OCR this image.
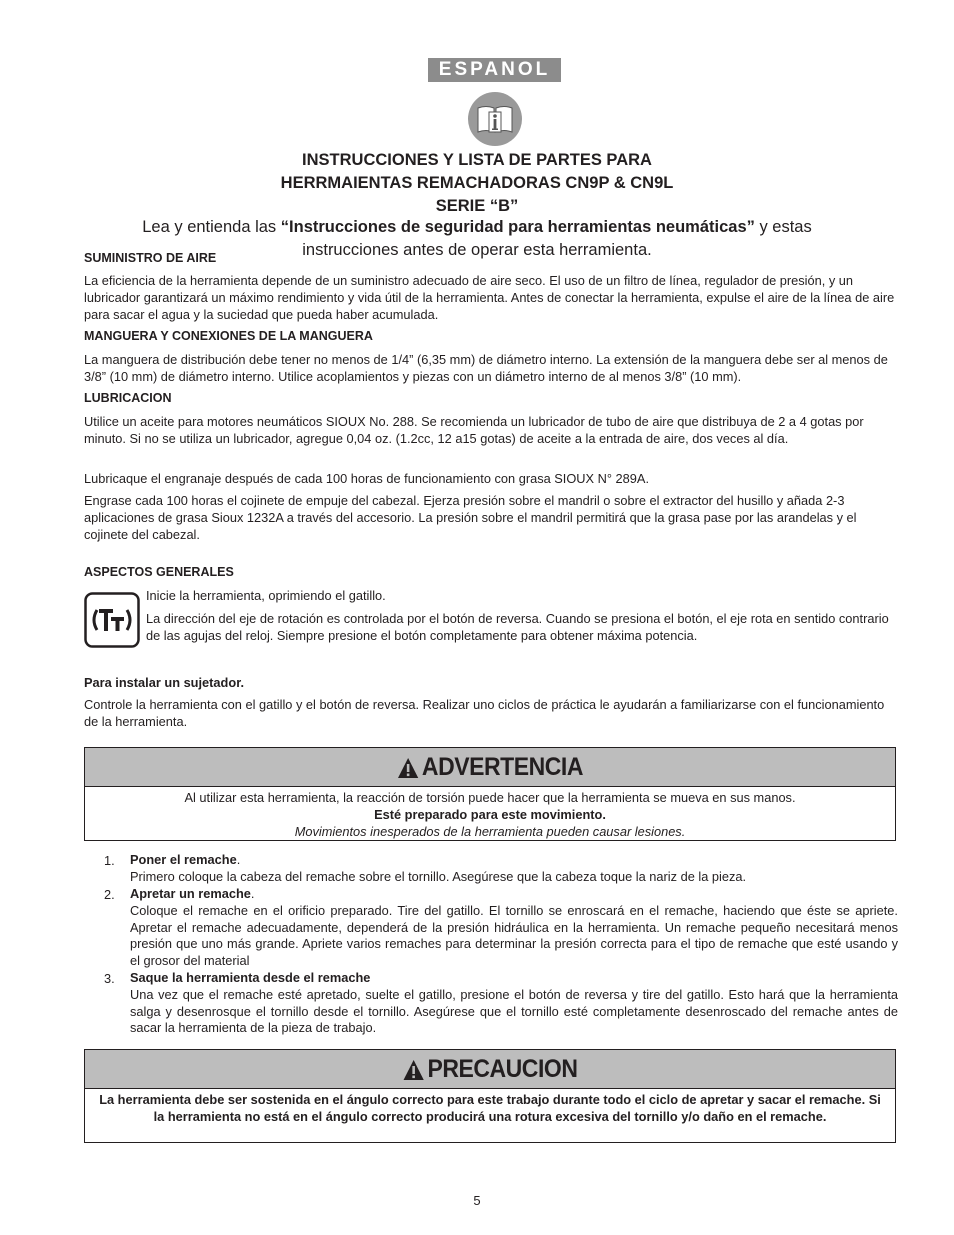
ESPANOL
INSTRUCCIONES Y LISTA DE PARTES PARA
HERRMAIENTAS REMACHADORAS CN9P & CN9L
SERIE “B”
Lea y entienda las “Instrucciones de seguridad para herramientas neumáticas” y estas
instrucciones antes de operar esta herramienta.
SUMINISTRO DE AIRE
La eficiencia de la herramienta depende de un suministro adecuado de aire seco. El uso de un filtro de línea, regulador de presión, y un lubricador garantizará un máximo rendimiento y vida útil de la herramienta. Antes de conectar la herramienta, expulse el aire de la línea de aire para sacar el agua y la suciedad que pueda haber acumulada.
MANGUERA Y CONEXIONES DE LA MANGUERA
La manguera de distribución debe tener no menos de 1/4” (6,35 mm) de diámetro interno. La extensión de la manguera debe ser al menos de 3/8” (10 mm) de diámetro interno. Utilice acoplamientos y piezas con un diámetro interno de al menos 3/8” (10 mm).
LUBRICACION
Utilice un aceite para motores neumáticos SIOUX No. 288. Se recomienda un lubricador de tubo de aire que distribuya de 2 a 4 gotas por minuto. Si no se utiliza un lubricador, agregue 0,04 oz. (1.2cc, 12 a15 gotas) de aceite a la entrada de aire, dos veces al día.
Lubricaque el engranaje después de cada 100 horas de funcionamiento con grasa SIOUX N° 289A.
Engrase cada 100 horas el cojinete de empuje del cabezal. Ejerza presión sobre el mandril o sobre el extractor del husillo y añada 2-3 aplicaciones de grasa Sioux 1232A a través del accesorio. La presión sobre el mandril permitirá que la grasa pase por las arandelas y el cojinete del cabezal.
ASPECTOS GENERALES
Inicie la herramienta, oprimiendo el gatillo.
La dirección del eje de rotación es controlada por el botón de reversa. Cuando se presiona el botón, el eje rota en sentido contrario de las agujas del reloj. Siempre presione el botón completamente para obtener máxima potencia.
Para instalar un sujetador.
Controle la herramienta con el gatillo y el botón de reversa. Realizar uno ciclos de práctica le ayudarán a familiarizarse con el funcionamiento de la herramienta.
ADVERTENCIA
Al utilizar esta herramienta, la reacción de torsión puede hacer que la herramienta se mueva en sus manos.
Esté preparado para este movimiento.
Movimientos inesperados de la herramienta pueden causar lesiones.
1. Poner el remache.
Primero coloque la cabeza del remache sobre el tornillo. Asegúrese que la cabeza toque la nariz de la pieza.
2. Apretar un remache.
Coloque el remache en el orificio preparado. Tire del gatillo. El tornillo se enroscará en el remache, haciendo que éste se apriete. Apretar el remache adecuadamente, dependerá de la presión hidráulica en la herramienta. Un remache pequeño necesitará menos presión que uno más grande. Apriete varios remaches para determinar la presión correcta para el tipo de remache que esté usando y el grosor del material
3. Saque la herramienta desde el remache
Una vez que el remache esté apretado, suelte el gatillo, presione el botón de reversa y tire del gatillo. Esto hará que la herramienta salga y desenrosque el tornillo desde el tornillo. Asegúrese que el tornillo esté completamente desenroscado del remache antes de sacar la herramienta de la pieza de trabajo.
PRECAUCION
La herramienta debe ser sostenida en el ángulo correcto para este trabajo durante todo el ciclo de apretar y sacar el remache. Si la herramienta no está en el ángulo correcto producirá una rotura excesiva del tornillo y/o daño en el remache.
5
